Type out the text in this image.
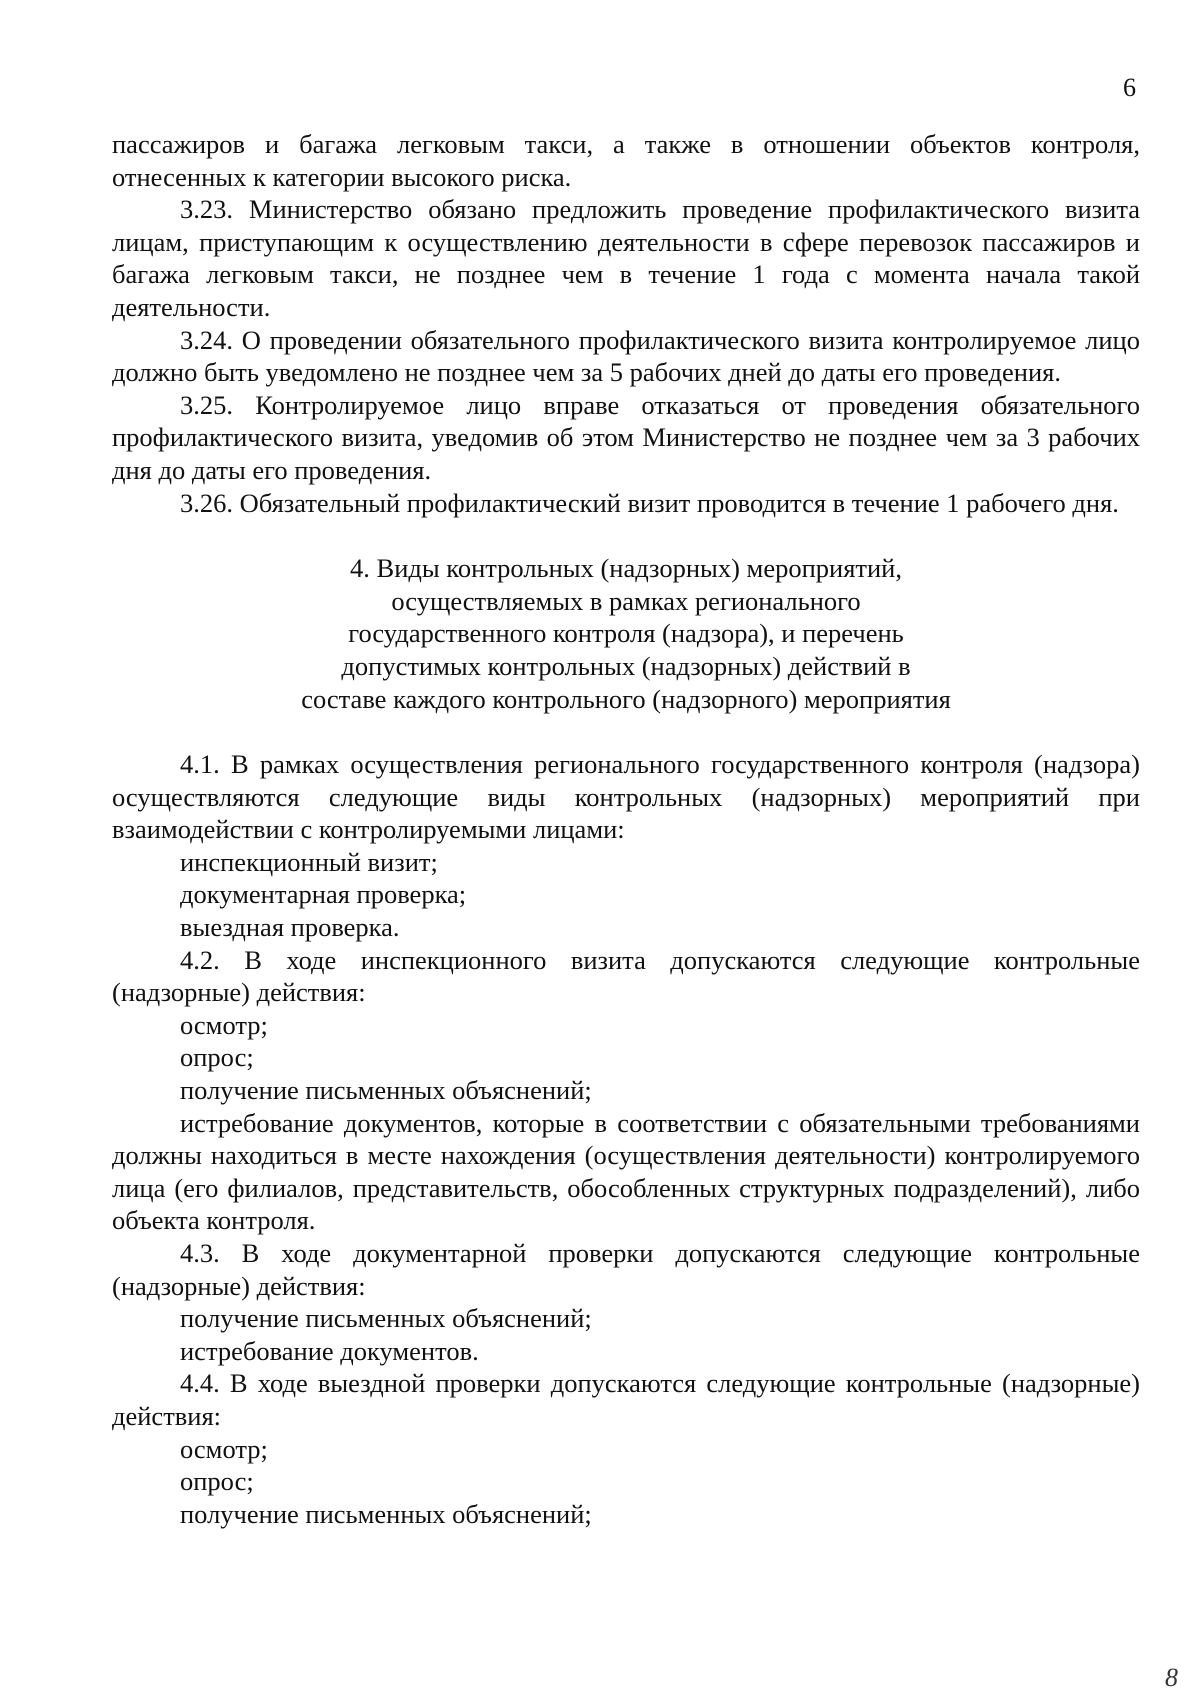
6

пассажиров и багажа легковым такси, а также в отношении объектов контроля, отнесенных к категории высокого риска.

3.23. Министерство обязано предложить проведение профилактического визита лицам, приступающим к осуществлению деятельности в сфере перевозок пассажиров и багажа легковым такси, не позднее чем в течение 1 года с момента начала такой деятельности.

3.24. О проведении обязательного профилактического визита контролируемое лицо должно быть уведомлено не позднее чем за 5 рабочих дней до даты его проведения.

3.25. Контролируемое лицо вправе отказаться от проведения обязательного профилактического визита, уведомив об этом Министерство не позднее чем за 3 рабочих дня до даты его проведения.

3.26. Обязательный профилактический визит проводится в течение 1 рабочего дня.

4. Виды контрольных (надзорных) мероприятий,
осуществляемых в рамках регионального
государственного контроля (надзора), и перечень
допустимых контрольных (надзорных) действий в
составе каждого контрольного (надзорного) мероприятия

4.1. В рамках осуществления регионального государственного контроля (надзора) осуществляются следующие виды контрольных (надзорных) мероприятий при взаимодействии с контролируемыми лицами:

инспекционный визит;

документарная проверка;

выездная проверка.

4.2. В ходе инспекционного визита допускаются следующие контрольные (надзорные) действия:

осмотр;

опрос;

получение письменных объяснений;

истребование документов, которые в соответствии с обязательными требованиями должны находиться в месте нахождения (осуществления деятельности) контролируемого лица (его филиалов, представительств, обособленных структурных подразделений), либо объекта контроля.

4.3. В ходе документарной проверки допускаются следующие контрольные (надзорные) действия:

получение письменных объяснений;

истребование документов.

4.4. В ходе выездной проверки допускаются следующие контрольные (надзорные) действия:

осмотр;

опрос;

получение письменных объяснений;

8
